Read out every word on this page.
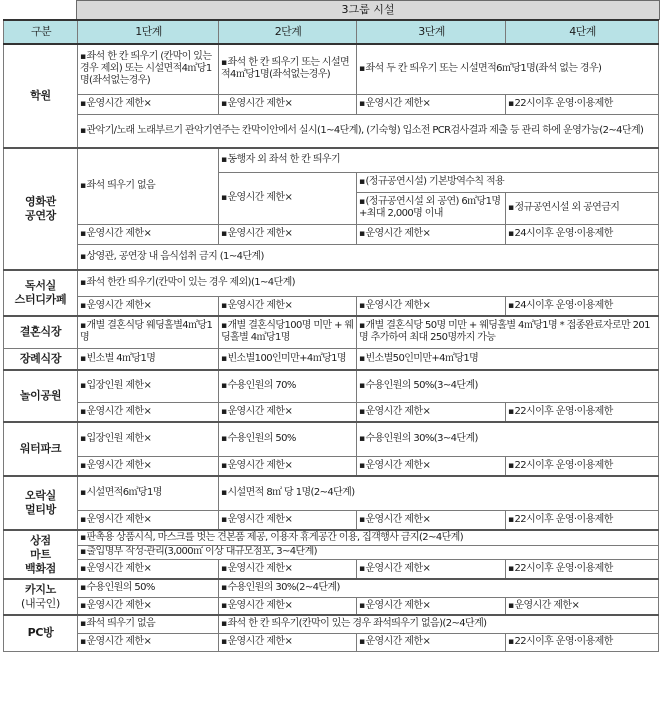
3그룹 시설
구분	1단계	2단계	3단계	4단계
학원	▪ 좌석 한 칸 띄우기 (칸막이 있는 경우 제외) 또는 시설면적4㎡당1명(좌석없는경우)	▪ 좌석 한 칸 띄우기 또는 시설면적4㎡당1명(좌석없는경우)	▪ 좌석 두 칸 띄우기 또는 시설면적6㎡당1명(좌석 없는 경우)
	▪ 운영시간 제한×	▪ 운영시간 제한×	▪ 운영시간 제한×	▪ 22시이후 운영·이용제한
	▪ 관악기/노래 노래부르기 관악기연주는 칸막이안에서 실시(1~4단계), (기숙형) 입소전 PCR검사결과 제출 등 관리 하에 운영가능(2~4단계)
영화관
공연장	▪ 좌석 띄우기 없음	▪ 동행자 외 좌석 한 칸 띄우기
		▪ 운영시간 제한×	▪ (정규공연시설) 기본방역수칙 적용
			▪ (정규공연시설 외 공연) 6㎡당1명+최대 2,000명 이내	▪ 정규공연시설 외 공연금지
	▪ 운영시간 제한×	▪ 운영시간 제한×	▪ 운영시간 제한×	▪ 24시이후 운영·이용제한
	▪ 상영관, 공연장 내 음식섭취 금지 (1~4단계)
독서실
스터디카페	▪ 좌석 한칸 띄우기(칸막이 있는 경우 제외)(1~4단계)
	▪ 운영시간 제한×	▪ 운영시간 제한×	▪ 운영시간 제한×	▪ 24시이후 운영·이용제한
결혼식장	▪ 개별 결혼식당 웨딩홀별4㎡당1명	▪ 개별 결혼식당100명 미만 + 웨딩홀별 4㎡당1명	▪ 개별 결혼식당 50명 미만 + 웨딩홀별 4㎡당1명 * 접종완료자로만 201명 추가하여 최대 250명까지 가능
장례식장	▪ 빈소별 4㎡당1명	▪ 빈소별100인미만+4㎡당1명	▪ 빈소별50인미만+4㎡당1명
놀이공원	▪ 입장인원 제한×	▪ 수용인원의 70%	▪ 수용인원의 50%(3~4단계)
	▪ 운영시간 제한×	▪ 운영시간 제한×	▪ 운영시간 제한×	▪ 22시이후 운영·이용제한
워터파크	▪ 입장인원 제한×	▪ 수용인원의 50%	▪ 수용인원의 30%(3~4단계)
	▪ 운영시간 제한×	▪ 운영시간 제한×	▪ 운영시간 제한×	▪ 22시이후 운영·이용제한
오락실
멀티방	▪ 시설면적6㎡당1명	▪ 시설면적 8㎡ 당 1명(2~4단계)
	▪ 운영시간 제한×	▪ 운영시간 제한×	▪ 운영시간 제한×	▪ 22시이후 운영·이용제한
상점
마트
백화점	▪ 판촉용 상품시식, 마스크를 벗는 견본품 제공, 이용자 휴게공간 이용, 집객행사 금지(2~4단계)
	▪ 출입명부 작성·관리(3,000㎡ 이상 대규모점포, 3~4단계)
	▪ 운영시간 제한×	▪ 운영시간 제한×	▪ 운영시간 제한×	▪ 22시이후 운영·이용제한
카지노
(내국인)	▪ 수용인원의 50%	▪ 수용인원의 30%(2~4단계)
	▪ 운영시간 제한×	▪ 운영시간 제한×	▪ 운영시간 제한×	▪ 운영시간 제한×
PC방	▪ 좌석 띄우기 없음	▪ 좌석 한 칸 띄우기(칸막이 있는 경우 좌석띄우기 없음)(2~4단계)
	▪ 운영시간 제한×	▪ 운영시간 제한×	▪ 운영시간 제한×	▪ 22시이후 운영·이용제한
